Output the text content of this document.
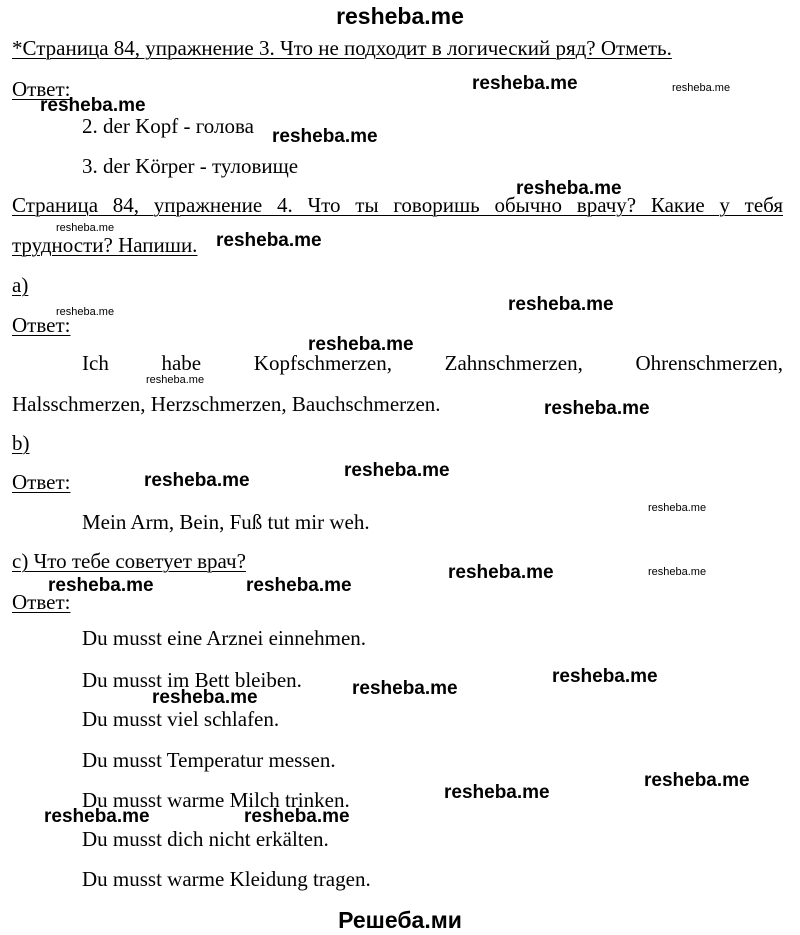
resheba.me
*Страница 84, упражнение 3. Что не подходит в логический ряд? Отметь.
Ответ:
2. der Kopf - голова
3. der Körper - туловище
Страница 84, упражнение 4. Что ты говоришь обычно врачу? Какие у тебя
трудности? Напиши.
a)
Ответ:
Ich	habe	Kopfschmerzen,	Zahnschmerzen,	Ohrenschmerzen,
Halsschmerzen, Herzschmerzen, Bauchschmerzen.
b)
Ответ:
Mein Arm, Bein, Fuß tut mir weh.
c) Что тебе советует врач?
Ответ:
Du musst eine Arznei einnehmen.
Du musst im Bett bleiben.
Du musst viel schlafen.
Du musst Temperatur messen.
Du musst warme Milch trinken.
Du musst dich nicht erkälten.
Du musst warme Kleidung tragen.
resheba.me
resheba.me
resheba.me
resheba.me
resheba.me
resheba.me
resheba.me
resheba.me
resheba.me
resheba.me
resheba.me
resheba.me	resheba.me
resheba.me
resheba.me
resheba.me
resheba.me
resheba.me
resheba.me	resheba.me
resheba.me
resheba.me
resheba.me
resheba.me
resheba.me
resheba.me
Решеба.ми
